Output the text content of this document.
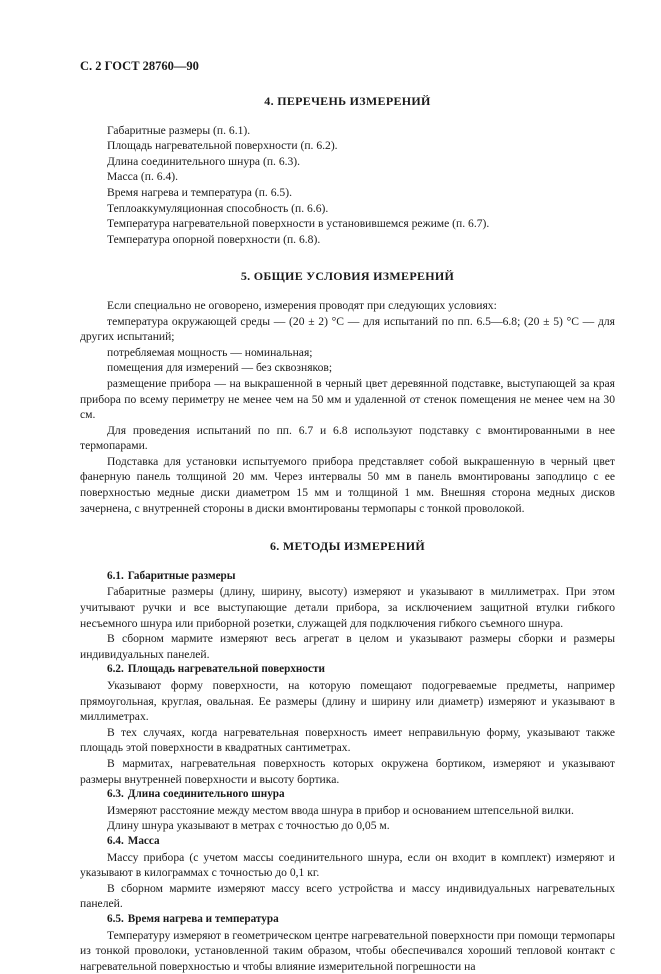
С. 2 ГОСТ 28760—90
4. ПЕРЕЧЕНЬ ИЗМЕРЕНИЙ
Габаритные размеры (п. 6.1).
Площадь нагревательной поверхности (п. 6.2).
Длина соединительного шнура (п. 6.3).
Масса (п. 6.4).
Время нагрева и температура (п. 6.5).
Теплоаккумуляционная способность (п. 6.6).
Температура нагревательной поверхности в установившемся режиме (п. 6.7).
Температура опорной поверхности (п. 6.8).
5. ОБЩИЕ УСЛОВИЯ ИЗМЕРЕНИЙ

Если специально не оговорено, измерения проводят при следующих условиях:

температура окружающей среды — (20 ± 2) °С — для испытаний по пп. 6.5—6.8; (20 ± 5) °С — для других испытаний;
потребляемая мощность — номинальная;
помещения для измерений — без сквозняков;
размещение прибора — на выкрашенной в черный цвет деревянной подставке, выступающей за края прибора по всему периметру не менее чем на 50 мм и удаленной от стенок помещения не менее чем на 30 см.

Для проведения испытаний по пп. 6.7 и 6.8 используют подставку с вмонтированными в нее термопарами.

Подставка для установки испытуемого прибора представляет собой выкрашенную в черный цвет фанерную панель толщиной 20 мм. Через интервалы 50 мм в панель вмонтированы заподлицо с ее поверхностью медные диски диаметром 15 мм и толщиной 1 мм. Внешняя сторона медных дисков зачернена, с внутренней стороны в диски вмонтированы термопары с тонкой проволокой.

6. МЕТОДЫ ИЗМЕРЕНИЙ
6.1. Габаритные размеры

Габаритные размеры (длину, ширину, высоту) измеряют и указывают в миллиметрах. При этом учитывают ручки и все выступающие детали прибора, за исключением защитной втулки гибкого несъемного шнура или приборной розетки, служащей для подключения гибкого съемного шнура.

В сборном мармите измеряют весь агрегат в целом и указывают размеры сборки и размеры индивидуальных панелей.

6.2. Площадь нагревательной поверхности

Указывают форму поверхности, на которую помещают подогреваемые предметы, например прямоугольная, круглая, овальная. Ее размеры (длину и ширину или диаметр) измеряют и указывают в миллиметрах.

В тех случаях, когда нагревательная поверхность имеет неправильную форму, указывают также площадь этой поверхности в квадратных сантиметрах.

В мармитах, нагревательная поверхность которых окружена бортиком, измеряют и указывают размеры внутренней поверхности и высоту бортика.

6.3. Длина соединительного шнура

Измеряют расстояние между местом ввода шнура в прибор и основанием штепсельной вилки.

Длину шнура указывают в метрах с точностью до 0,05 м.

6.4. Масса

Массу прибора (с учетом массы соединительного шнура, если он входит в комплект) измеряют и указывают в килограммах с точностью до 0,1 кг.

В сборном мармите измеряют массу всего устройства и массу индивидуальных нагревательных панелей.

6.5. Время нагрева и температура

Температуру измеряют в геометрическом центре нагревательной поверхности при помощи термопары из тонкой проволоки, установленной таким образом, чтобы обеспечивался хороший тепловой контакт с нагревательной поверхностью и чтобы влияние измерительной погрешности на
